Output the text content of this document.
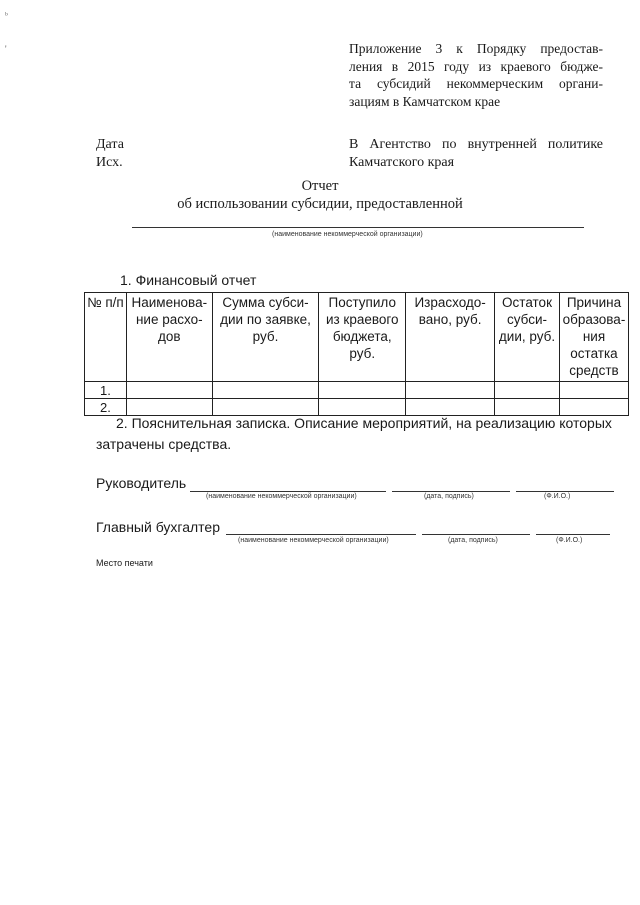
ᵇ
'	Приложение 3 к Порядку предостав-
ления в 2015 году из краевого бюдже-
та субсидий некоммерческим органи-
зациям в Камчатском крае
Дата
Исх.
В Агентство по внутренней политике
Камчатского края
Отчет
об использовании субсидии, предоставленной
(наименование некоммерческой организации)
1. Финансовый отчет
№ п/п	Наименова-ние расхо-дов	Сумма субси-дии по заявке, руб.	Поступило из краевого бюджета, руб.	Израсходо-вано, руб.	Остаток субси-дии, руб.	Причина образова-ния остатка средств
1.						
2.						
2. Пояснительная записка. Описание мероприятий, на реализацию которых затрачены средства.
Руководитель
(наименование некоммерческой организации)	(дата, подпись)	(Ф.И.О.)
Главный бухгалтер
(наименование некоммерческой организации)	(дата, подпись)	(Ф.И.О.)
Место печати
